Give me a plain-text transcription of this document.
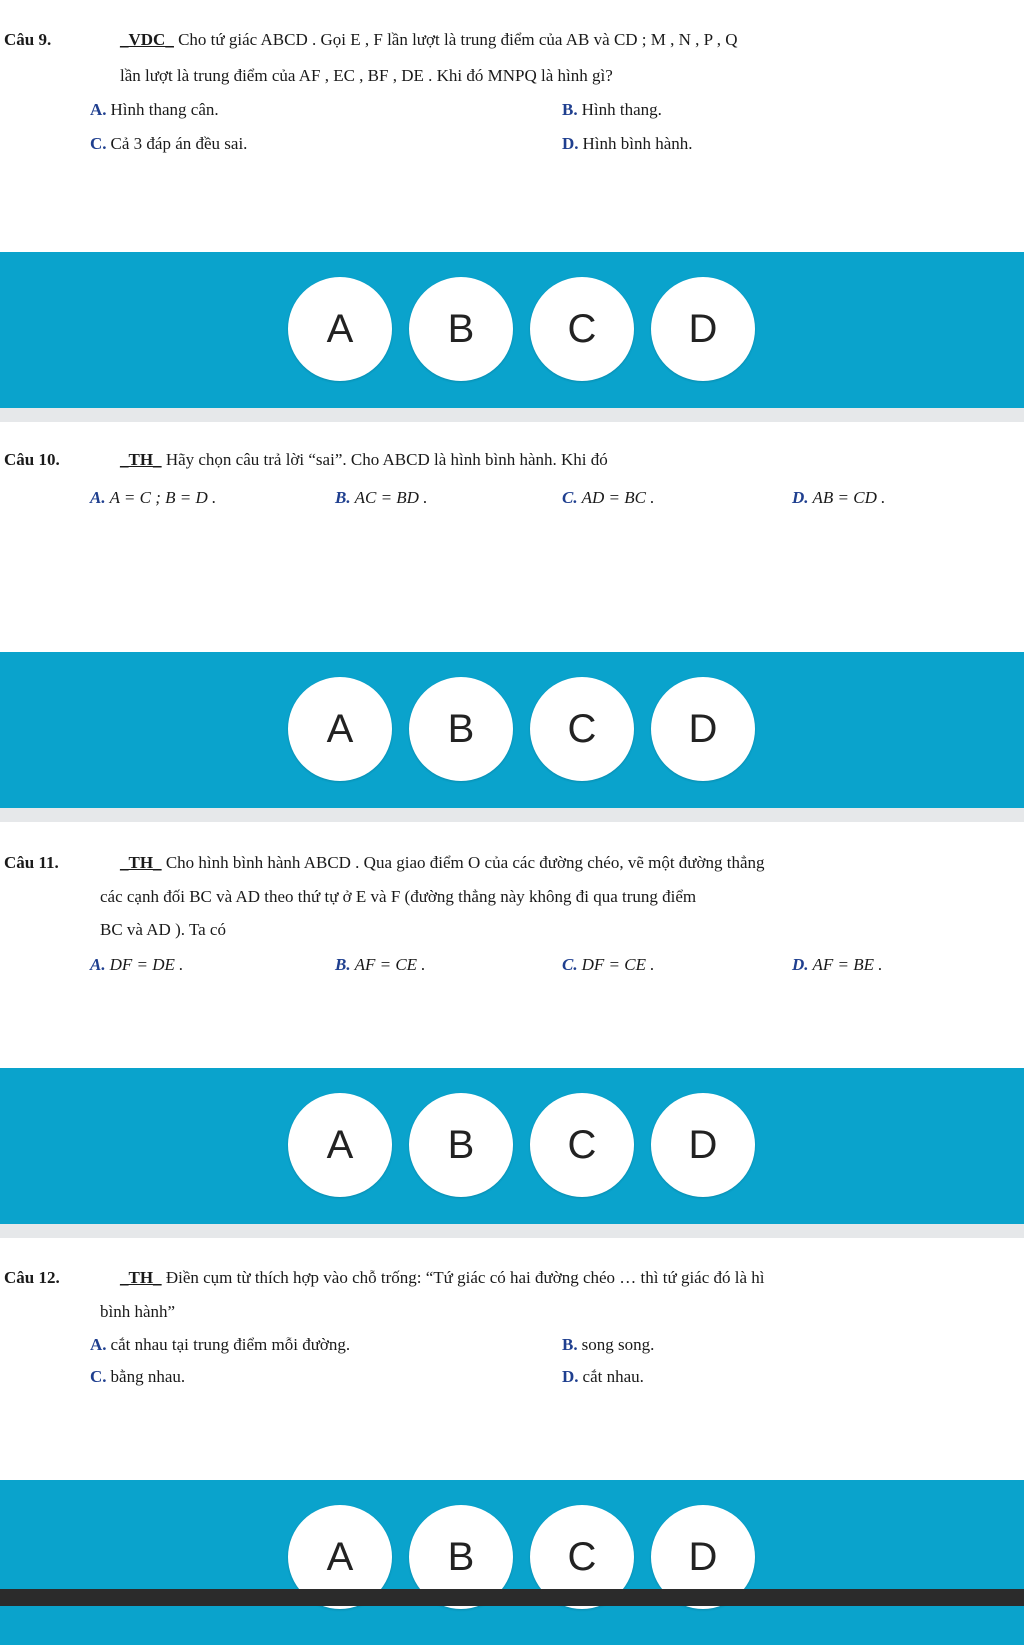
Câu 9.	_VDC_ Cho tứ giác ABCD . Gọi E , F lần lượt là trung điểm của AB và CD ; M , N , P , Q
lần lượt là trung điểm của AF , EC , BF , DE . Khi đó MNPQ là hình gì?
A. Hình thang cân.	B. Hình thang.
C. Cả 3 đáp án đều sai.	D. Hình bình hành.
A	B	C	D
Câu 10.	_TH_ Hãy chọn câu trả lời “sai”. Cho ABCD là hình bình hành. Khi đó
A. A = C ; B = D .	B. AC = BD .	C. AD = BC .	D. AB = CD .
A	B	C	D
Câu 11.	_TH_ Cho hình bình hành ABCD . Qua giao điểm O của các đường chéo, vẽ một đường thẳng
các cạnh đối BC và AD theo thứ tự ở E và F (đường thẳng này không đi qua trung điểm
BC và AD ). Ta có
A. DF = DE .	B. AF = CE .	C. DF = CE .	D. AF = BE .
A	B	C	D
Câu 12.	_TH_ Điền cụm từ thích hợp vào chỗ trống: “Tứ giác có hai đường chéo … thì tứ giác đó là hì
bình hành”
A. cắt nhau tại trung điểm mỗi đường.	B. song song.
C. bằng nhau.	D. cắt nhau.
A	B	C	D
